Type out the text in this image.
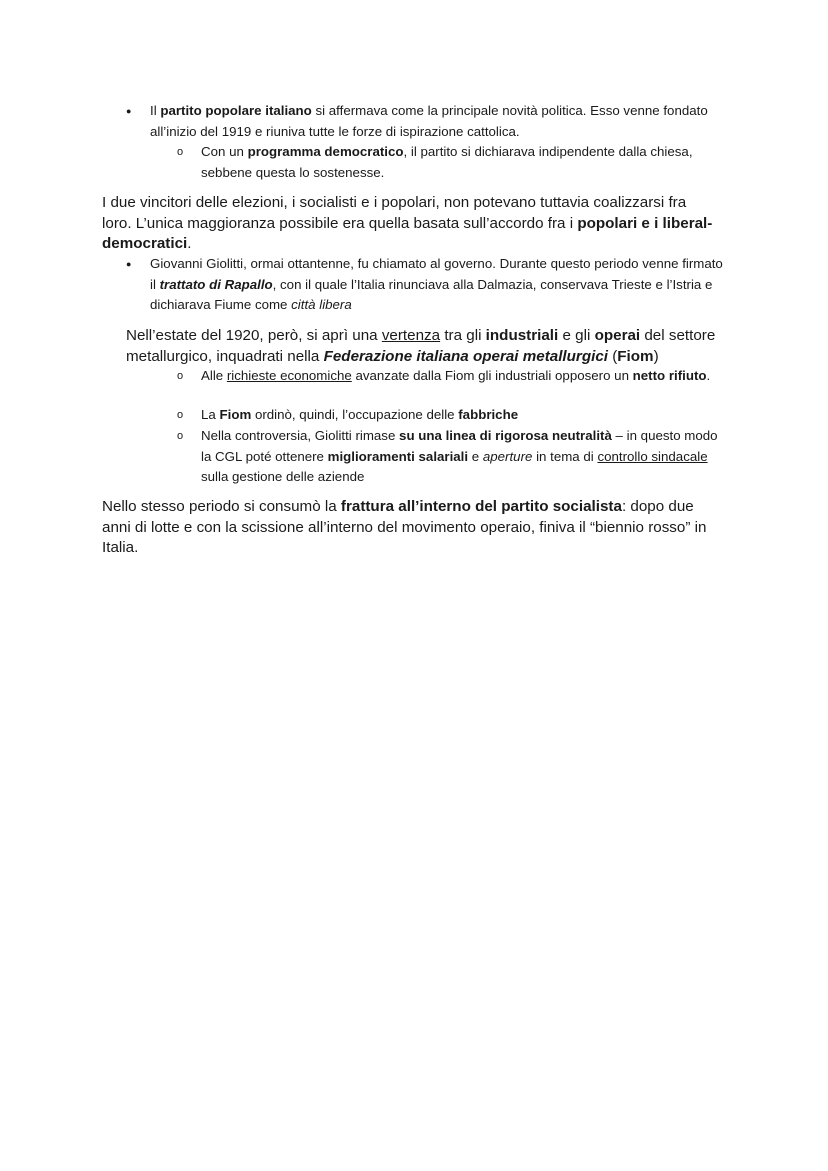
● Il partito popolare italiano si affermava come la principale novità politica. Esso venne fondato all’inizio del 1919 e riuniva tutte le forze di ispirazione cattolica.
o Con un programma democratico, il partito si dichiarava indipendente dalla chiesa, sebbene questa lo sostenesse.
I due vincitori delle elezioni, i socialisti e i popolari, non potevano tuttavia coalizzarsi fra loro. L’unica maggioranza possibile era quella basata sull’accordo fra i popolari e i liberal-democratici.
● Giovanni Giolitti, ormai ottantenne, fu chiamato al governo. Durante questo periodo venne firmato il trattato di Rapallo, con il quale l’Italia rinunciava alla Dalmazia, conservava Trieste e l’Istria e dichiarava Fiume come città libera
Nell’estate del 1920, però, si aprì una vertenza tra gli industriali e gli operai del settore metallurgico, inquadrati nella Federazione italiana operai metallurgici (Fiom)
o Alle richieste economiche avanzate dalla Fiom gli industriali opposero un netto rifiuto.
o La Fiom ordinò, quindi, l’occupazione delle fabbriche
o Nella controversia, Giolitti rimase su una linea di rigorosa neutralità – in questo modo la CGL poté ottenere miglioramenti salariali e aperture in tema di controllo sindacale sulla gestione delle aziende
Nello stesso periodo si consumò la frattura all’interno del partito socialista: dopo due anni di lotte e con la scissione all’interno del movimento operaio, finiva il “biennio rosso” in Italia.
